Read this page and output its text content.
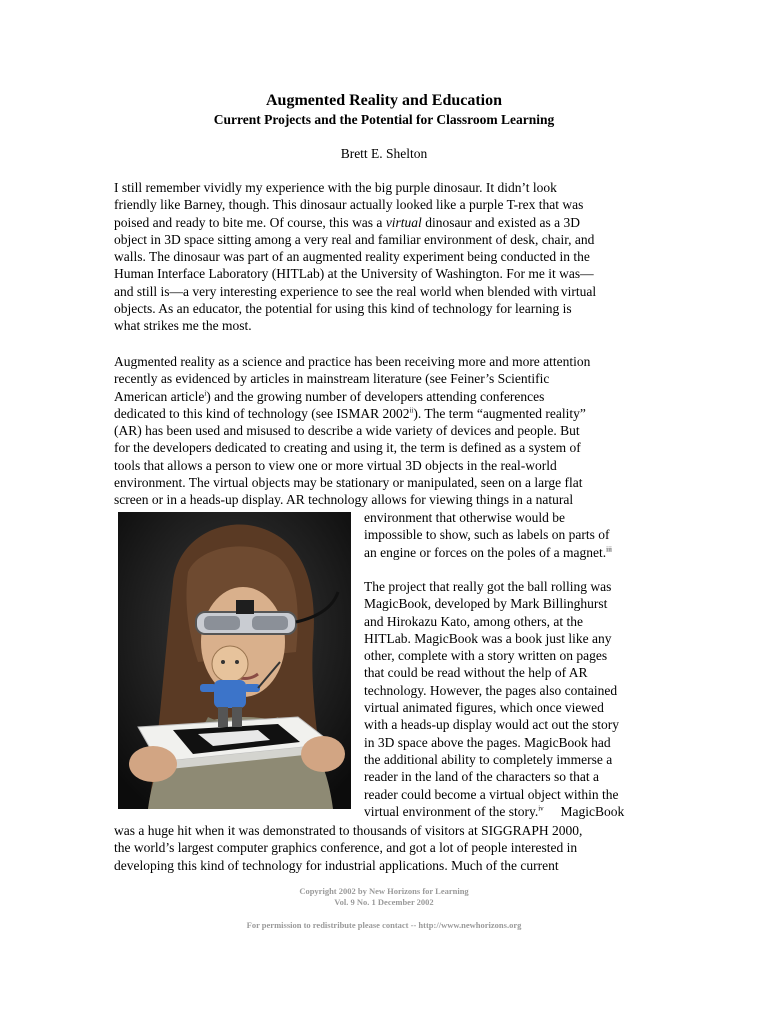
Augmented Reality and Education
Current Projects and the Potential for Classroom Learning

Brett E. Shelton

I still remember vividly my experience with the big purple dinosaur. It didn’t look
friendly like Barney, though. This dinosaur actually looked like a purple T-rex that was
poised and ready to bite me. Of course, this was a virtual dinosaur and existed as a 3D
object in 3D space sitting among a very real and familiar environment of desk, chair, and
walls. The dinosaur was part of an augmented reality experiment being conducted in the
Human Interface Laboratory (HITLab) at the University of Washington. For me it was—
and still is—a very interesting experience to see the real world when blended with virtual
objects. As an educator, the potential for using this kind of technology for learning is
what strikes me the most.
Augmented reality as a science and practice has been receiving more and more attention
recently as evidenced by articles in mainstream literature (see Feiner’s Scientific
American article$^i$) and the growing number of developers attending conferences
dedicated to this kind of technology (see ISMAR 2002$^{ii}$). The term “augmented reality”
(AR) has been used and misused to describe a wide variety of devices and people. But
for the developers dedicated to creating and using it, the term is defined as a system of
tools that allows a person to view one or more virtual 3D objects in the real-world
environment. The virtual objects may be stationary or manipulated, seen on a large flat
screen or in a heads-up display. AR technology allows for viewing things in a natural
environment that otherwise would be
impossible to show, such as labels on parts of
an engine or forces on the poles of a magnet.$^{iii}$
The project that really got the ball rolling was
MagicBook, developed by Mark Billinghurst
and Hirokazu Kato, among others, at the
HITLab. MagicBook was a book just like any
other, complete with a story written on pages
that could be read without the help of AR
technology. However, the pages also contained
virtual animated figures, which once viewed
with a heads-up display would act out the story
in 3D space above the pages. MagicBook had
the additional ability to completely immerse a
reader in the land of the characters so that a
reader could become a virtual object within the
virtual environment of the story.$^{iv}$     MagicBook
was a huge hit when it was demonstrated to thousands of visitors at SIGGRAPH 2000,
the world’s largest computer graphics conference, and got a lot of people interested in
developing this kind of technology for industrial applications. Much of the current

Copyright 2002 by New Horizons for Learning

Vol. 9 No. 1 December 2002

For permission to redistribute please contact -- http://www.newhorizons.org
